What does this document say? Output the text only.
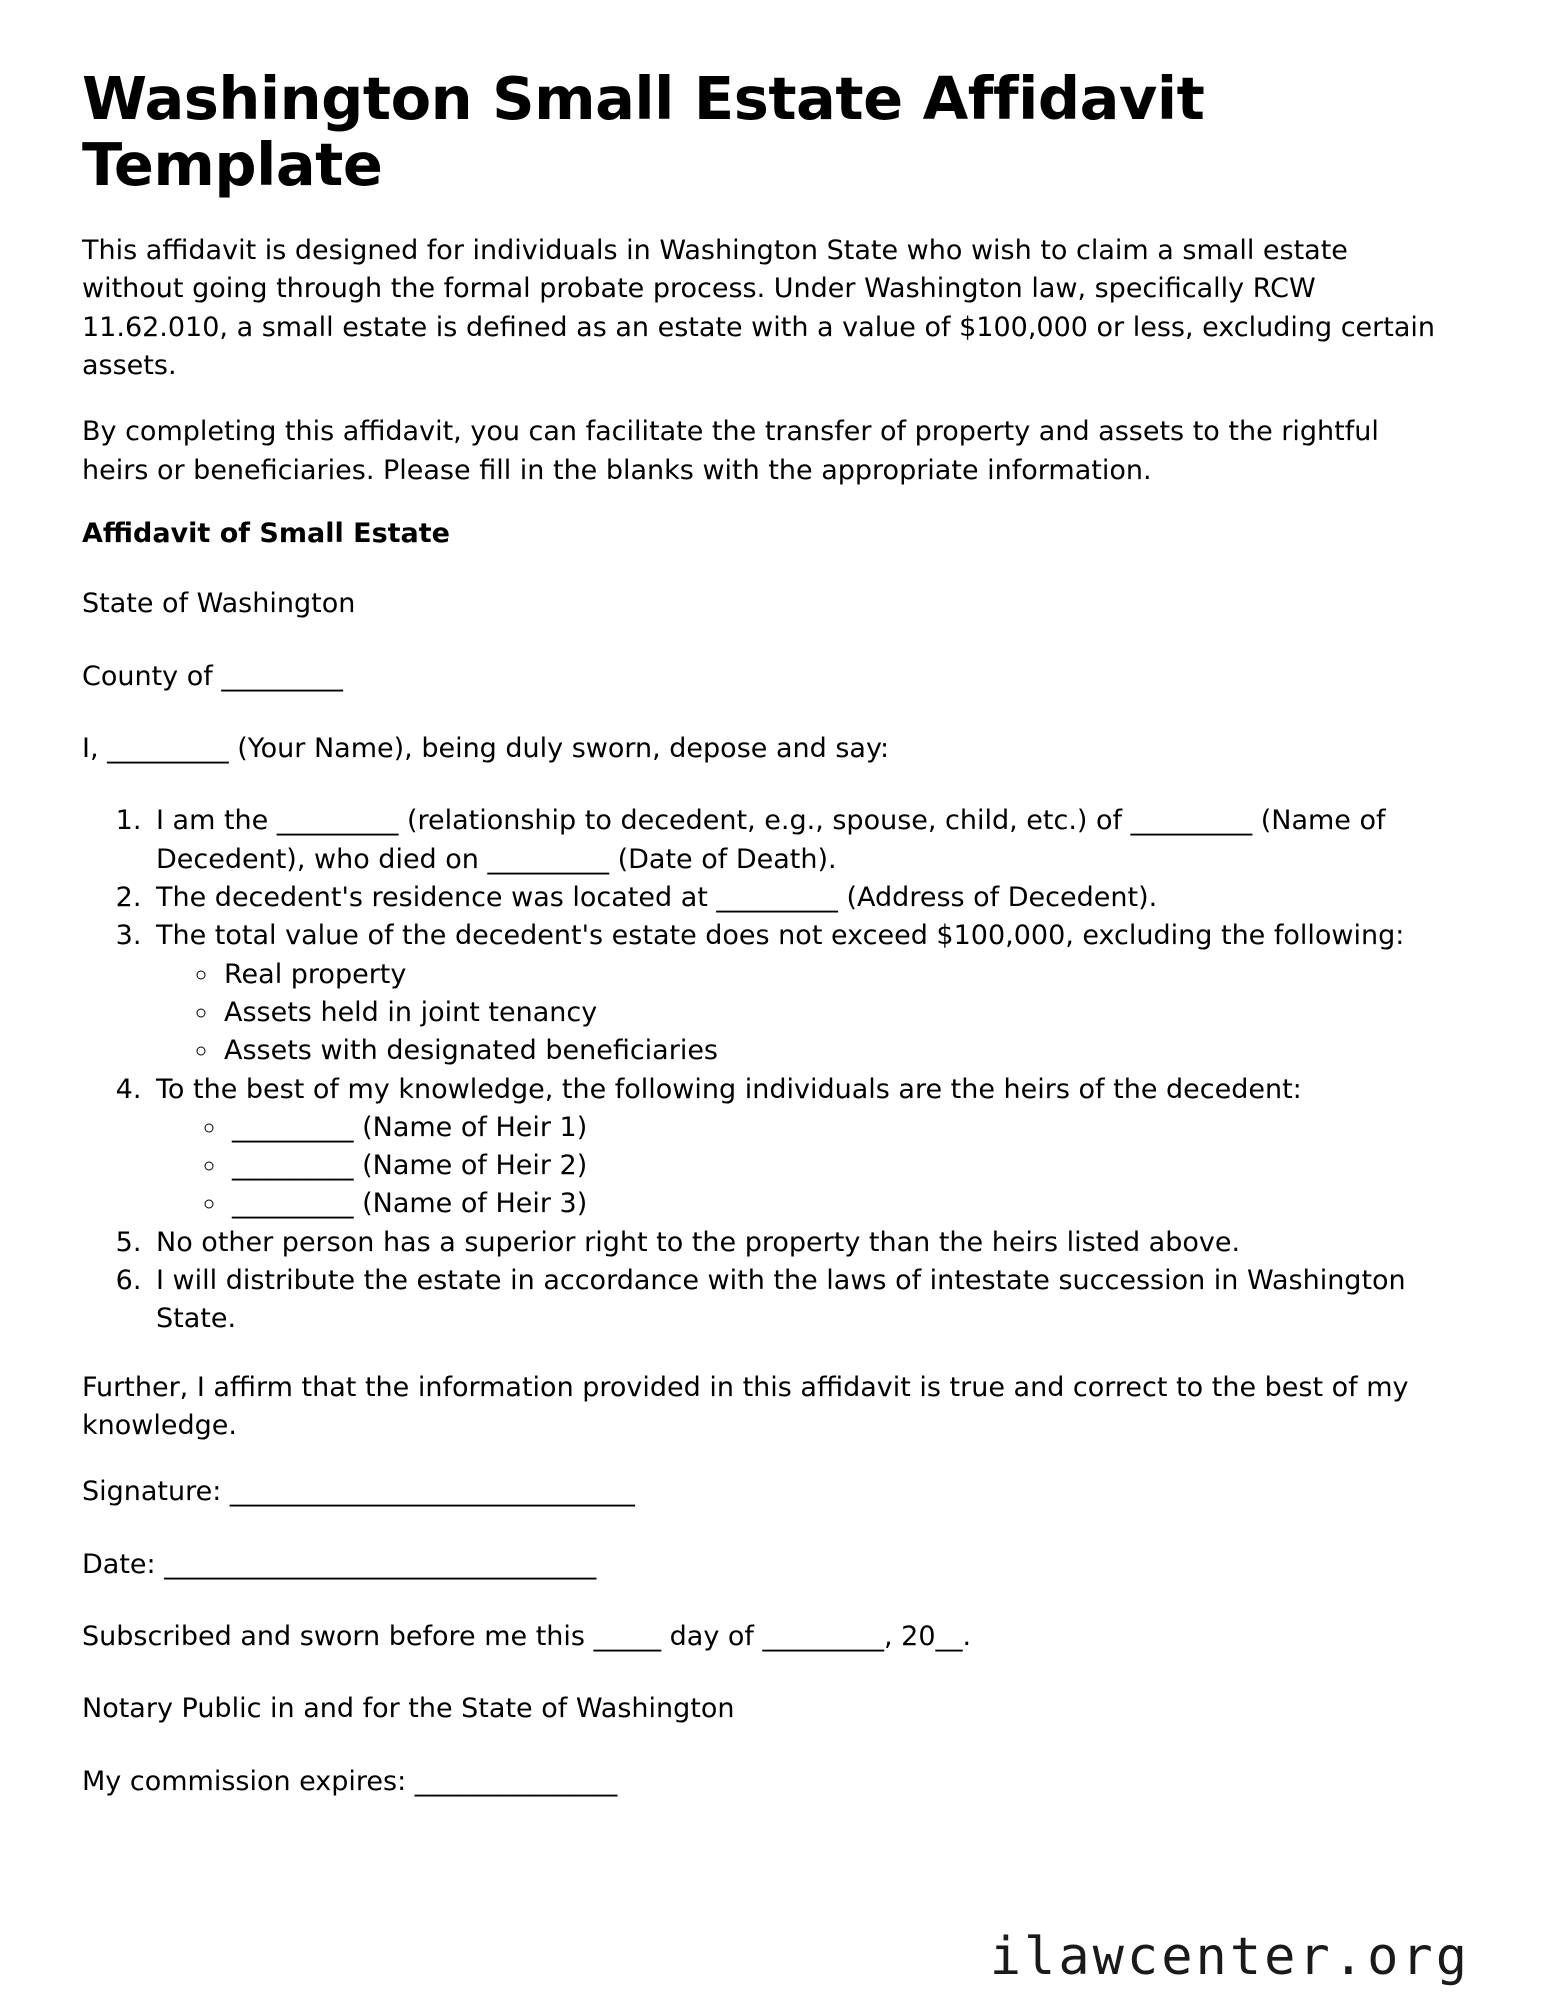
Washington Small Estate Affidavit Template

This affidavit is designed for individuals in Washington State who wish to claim a small estate without going through the formal probate process. Under Washington law, specifically RCW 11.62.010, a small estate is defined as an estate with a value of $100,000 or less, excluding certain assets.

By completing this affidavit, you can facilitate the transfer of property and assets to the rightful heirs or beneficiaries. Please fill in the blanks with the appropriate information.

Affidavit of Small Estate

State of Washington

County of _________

I, _________ (Your Name), being duly sworn, depose and say:

1. I am the _________ (relationship to decedent, e.g., spouse, child, etc.) of _________ (Name of Decedent), who died on _________ (Date of Death).
2. The decedent's residence was located at _________ (Address of Decedent).
3. The total value of the decedent's estate does not exceed $100,000, excluding the following:
◦ Real property
◦ Assets held in joint tenancy
◦ Assets with designated beneficiaries
4. To the best of my knowledge, the following individuals are the heirs of the decedent:
◦ _________ (Name of Heir 1)
◦ _________ (Name of Heir 2)
◦ _________ (Name of Heir 3)
5. No other person has a superior right to the property than the heirs listed above.
6. I will distribute the estate in accordance with the laws of intestate succession in Washington State.

Further, I affirm that the information provided in this affidavit is true and correct to the best of my knowledge.

Signature: ______________________________

Date: ________________________________

Subscribed and sworn before me this _____ day of _________, 20__.

Notary Public in and for the State of Washington

My commission expires: _______________

ilawcenter.org
